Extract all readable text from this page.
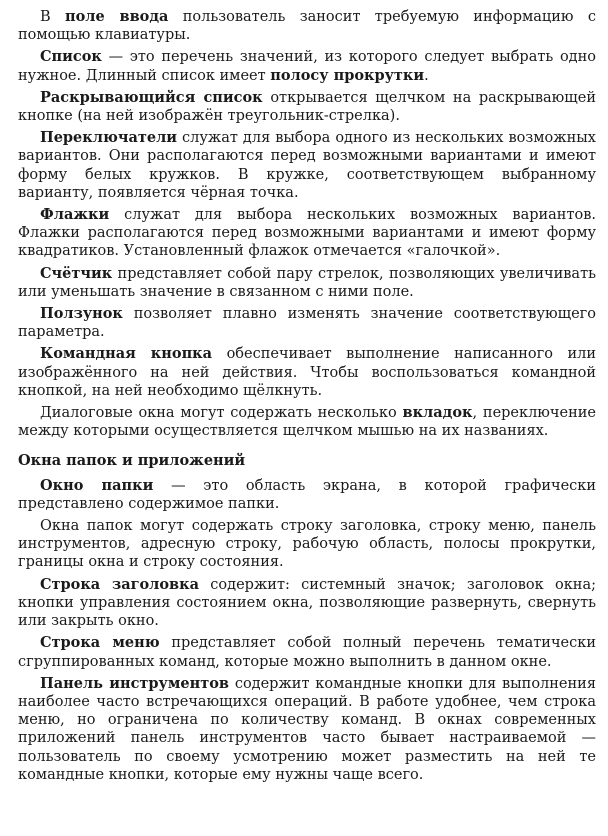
В поле ввода пользователь заносит требуемую информацию с помощью клавиатуры.

Список — это перечень значений, из которого следует выбрать одно нужное. Длинный список имеет полосу прокрутки.

Раскрывающийся список открывается щелчком на раскрывающей кнопке (на ней изображён треугольник-стрелка).

Переключатели служат для выбора одного из нескольких возможных вариантов. Они располагаются перед возможными вариантами и имеют форму белых кружков. В кружке, соответствующем выбранному варианту, появляется чёрная точка.

Флажки служат для выбора нескольких возможных вариантов. Флажки располагаются перед возможными вариантами и имеют форму квадратиков. Установленный флажок отмечается «галочкой».

Счётчик представляет собой пару стрелок, позволяющих увеличивать или уменьшать значение в связанном с ними поле.

Ползунок позволяет плавно изменять значение соответствующего параметра.

Командная кнопка обеспечивает выполнение написанного или изображённого на ней действия. Чтобы воспользоваться командной кнопкой, на ней необходимо щёлкнуть.

Диалоговые окна могут содержать несколько вкладок, переключение между которыми осуществляется щелчком мышью на их названиях.

Окна папок и приложений

Окно папки — это область экрана, в которой графически представлено содержимое папки.

Окна папок могут содержать строку заголовка, строку меню, панель инструментов, адресную строку, рабочую область, полосы прокрутки, границы окна и строку состояния.

Строка заголовка содержит: системный значок; заголовок окна; кнопки управления состоянием окна, позволяющие развернуть, свернуть или закрыть окно.

Строка меню представляет собой полный перечень тематически сгруппированных команд, которые можно выполнить в данном окне.

Панель инструментов содержит командные кнопки для выполнения наиболее часто встречающихся операций. В работе удобнее, чем строка меню, но ограничена по количеству команд. В окнах современных приложений панель инструментов часто бывает настраиваемой — пользователь по своему усмотрению может разместить на ней те командные кнопки, которые ему нужны чаще всего.
